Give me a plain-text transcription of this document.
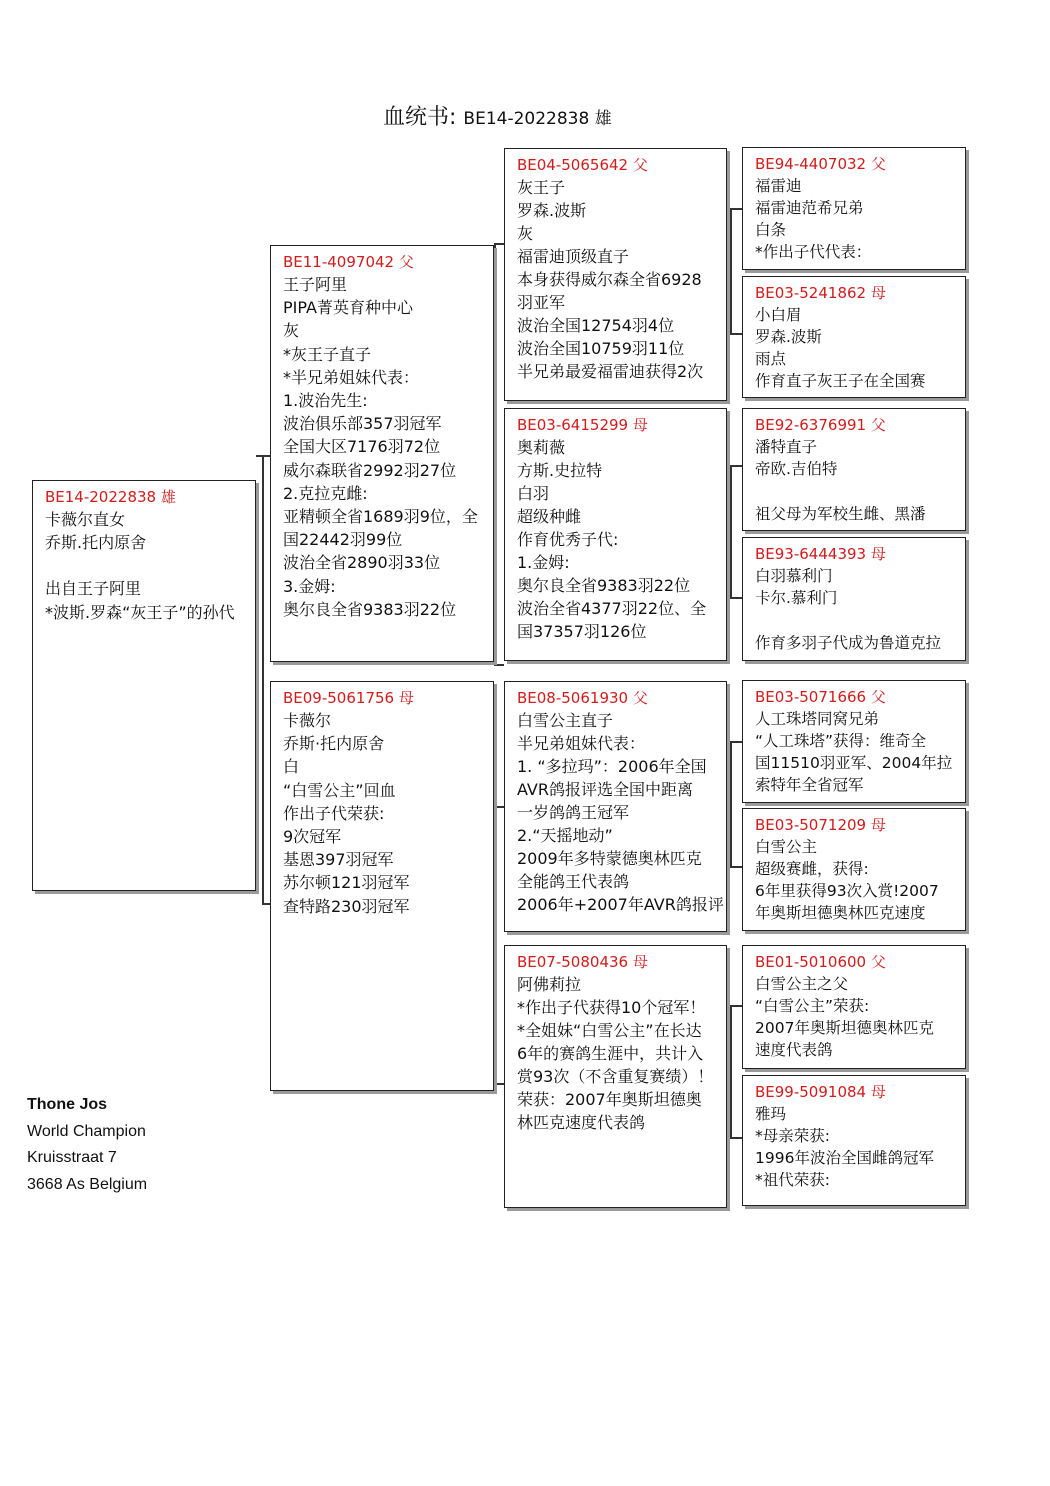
血统书: BE14-2022838 雄
BE14-2022838 雄
卡薇尔直女
乔斯.托内原舍
出自王子阿里
*波斯.罗森“灰王子”的孙代
BE11-4097042 父
王子阿里
PIPA菁英育种中心
灰
*灰王子直子
*半兄弟姐妹代表：
1.波治先生:
波治俱乐部357羽冠军
全国大区7176羽72位
威尔森联省2992羽27位
2.克拉克雌:
亚精顿全省1689羽9位，全
国22442羽99位
波治全省2890羽33位
3.金姆:
奥尔良全省9383羽22位
BE09-5061756 母
卡薇尔
乔斯·托内原舍
白
“白雪公主”回血
作出子代荣获:
9次冠军
基恩397羽冠军
苏尔顿121羽冠军
查特路230羽冠军
BE04-5065642 父
灰王子
罗森.波斯
灰
福雷迪顶级直子
本身获得威尔森全省6928
羽亚军
波治全国12754羽4位
波治全国10759羽11位
半兄弟最爱福雷迪获得2次
BE03-6415299 母
奥莉薇
方斯.史拉特
白羽
超级种雌
作育优秀子代:
1.金姆:
奥尔良全省9383羽22位
波治全省4377羽22位、全
国37357羽126位
BE08-5061930 父
白雪公主直子
半兄弟姐妹代表：
1. “多拉玛”：2006年全国
AVR鸽报评选全国中距离
一岁鸽鸽王冠军
2.“天摇地动”
2009年多特蒙德奥林匹克
全能鸽王代表鸽
2006年+2007年AVR鸽报评
BE07-5080436 母
阿佛莉拉
*作出子代获得10个冠军！
*全姐妹“白雪公主”在长达
6年的赛鸽生涯中，共计入
赏93次（不含重复赛绩）！
荣获：2007年奥斯坦德奥
林匹克速度代表鸽
BE94-4407032 父
福雷迪
福雷迪范希兄弟
白条
*作出子代代表：
BE03-5241862 母
小白眉
罗森.波斯
雨点
作育直子灰王子在全国赛
BE92-6376991 父
潘特直子
帝欧.吉伯特
祖父母为军校生雌、黑潘
BE93-6444393 母
白羽慕利门
卡尔.慕利门
作育多羽子代成为鲁道克拉
BE03-5071666 父
人工珠塔同窝兄弟
“人工珠塔”获得：维奇全
国11510羽亚军、2004年拉
索特年全省冠军
BE03-5071209 母
白雪公主
超级赛雌，获得:
6年里获得93次入赏!2007
年奥斯坦德奥林匹克速度
BE01-5010600 父
白雪公主之父
“白雪公主”荣获:
2007年奥斯坦德奥林匹克
速度代表鸽
BE99-5091084 母
雅玛
*母亲荣获:
1996年波治全国雌鸽冠军
*祖代荣获:
Thone Jos
World Champion
Kruisstraat 7
3668 As Belgium
